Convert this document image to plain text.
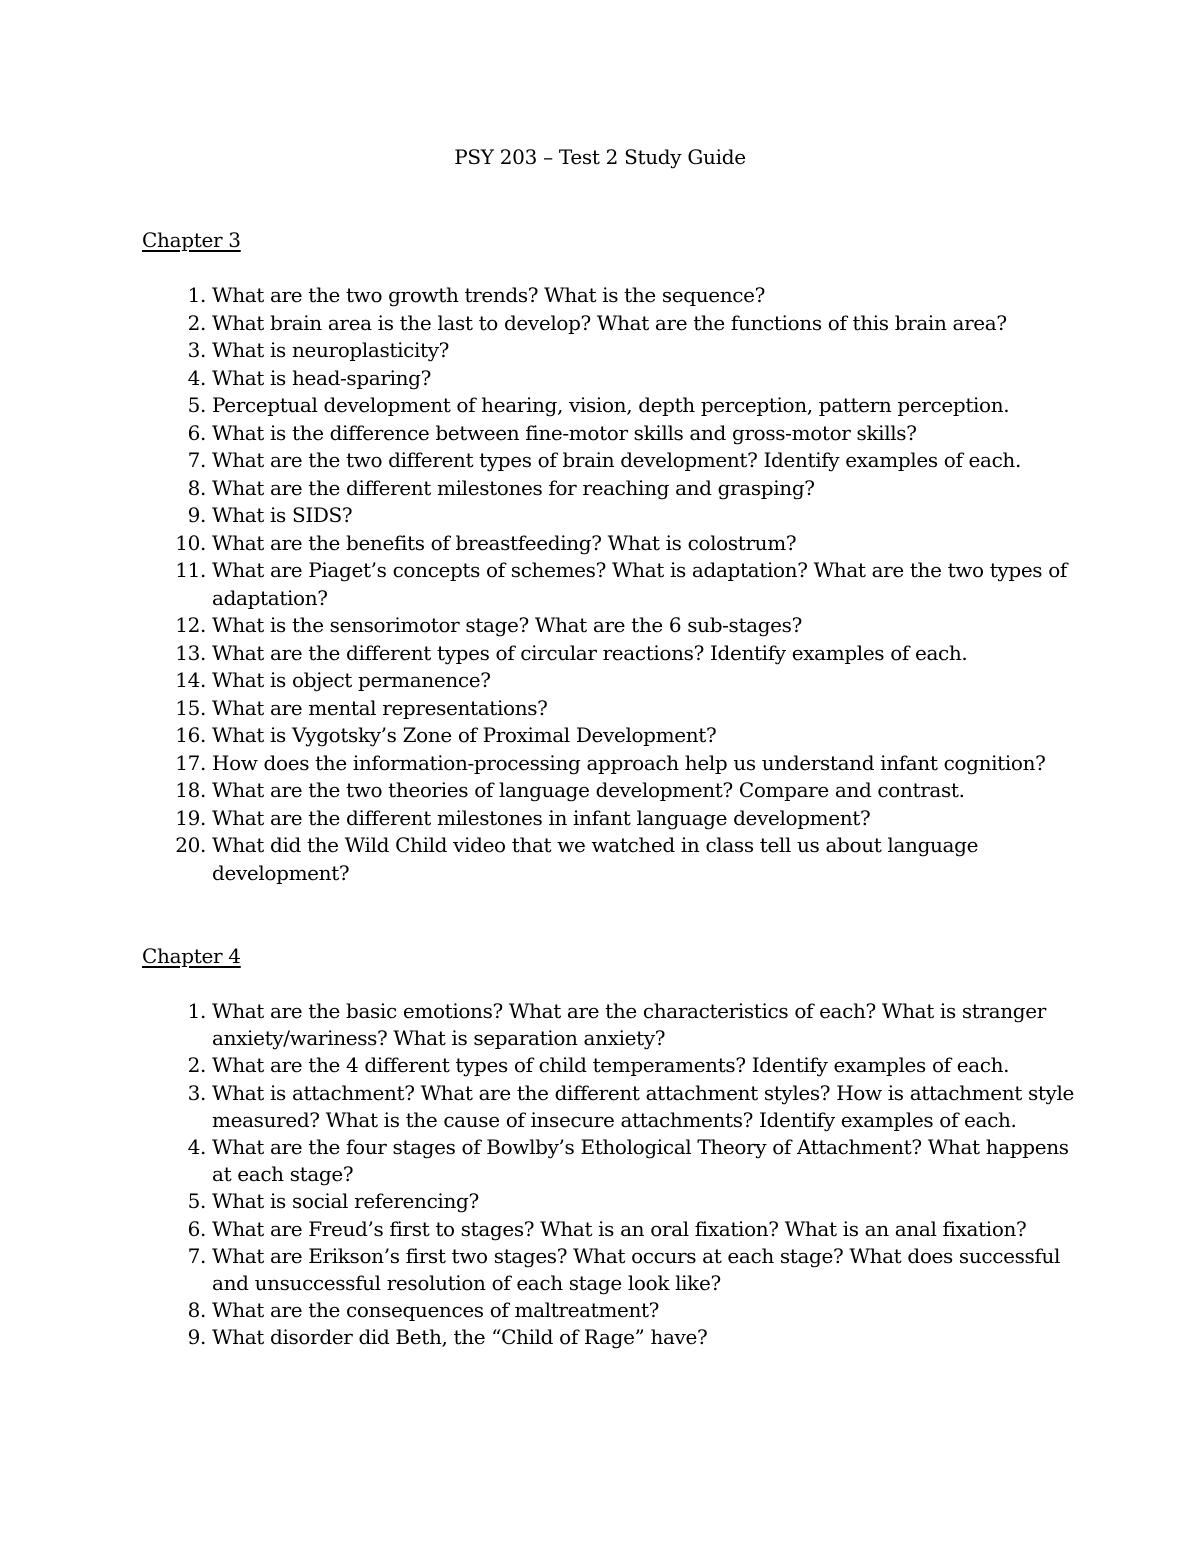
PSY 203 – Test 2 Study Guide
Chapter 3
1. What are the two growth trends? What is the sequence?
2. What brain area is the last to develop? What are the functions of this brain area?
3. What is neuroplasticity?
4. What is head-sparing?
5. Perceptual development of hearing, vision, depth perception, pattern perception.
6. What is the difference between fine-motor skills and gross-motor skills?
7. What are the two different types of brain development? Identify examples of each.
8. What are the different milestones for reaching and grasping?
9. What is SIDS?
10. What are the benefits of breastfeeding? What is colostrum?
11. What are Piaget’s concepts of schemes? What is adaptation? What are the two types of adaptation?
12. What is the sensorimotor stage? What are the 6 sub-stages?
13. What are the different types of circular reactions? Identify examples of each.
14. What is object permanence?
15. What are mental representations?
16. What is Vygotsky’s Zone of Proximal Development?
17. How does the information-processing approach help us understand infant cognition?
18. What are the two theories of language development? Compare and contrast.
19. What are the different milestones in infant language development?
20. What did the Wild Child video that we watched in class tell us about language development?
Chapter 4
1. What are the basic emotions? What are the characteristics of each? What is stranger anxiety/wariness? What is separation anxiety?
2. What are the 4 different types of child temperaments? Identify examples of each.
3. What is attachment? What are the different attachment styles? How is attachment style measured? What is the cause of insecure attachments? Identify examples of each.
4. What are the four stages of Bowlby’s Ethological Theory of Attachment? What happens at each stage?
5. What is social referencing?
6. What are Freud’s first to stages? What is an oral fixation? What is an anal fixation?
7. What are Erikson’s first two stages? What occurs at each stage? What does successful and unsuccessful resolution of each stage look like?
8. What are the consequences of maltreatment?
9. What disorder did Beth, the “Child of Rage” have?
